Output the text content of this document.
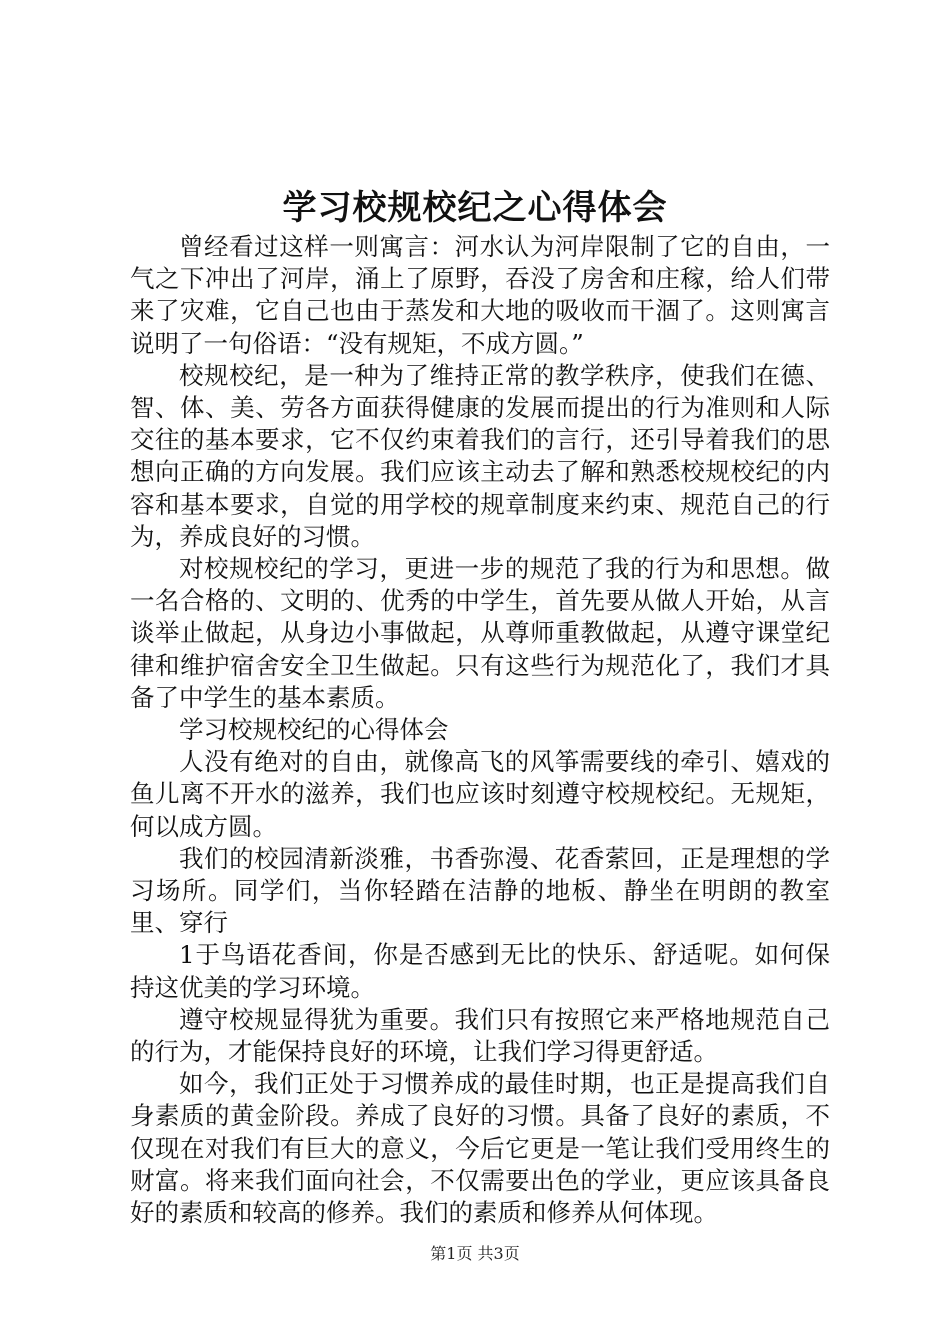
学习校规校纪之心得体会

曾经看过这样一则寓言：河水认为河岸限制了它的自由，一气之下冲出了河岸，涌上了原野，吞没了房舍和庄稼，给人们带来了灾难，它自己也由于蒸发和大地的吸收而干涸了。这则寓言说明了一句俗语：“没有规矩，不成方圆。”

校规校纪，是一种为了维持正常的教学秩序，使我们在德、智、体、美、劳各方面获得健康的发展而提出的行为准则和人际交往的基本要求，它不仅约束着我们的言行，还引导着我们的思想向正确的方向发展。我们应该主动去了解和熟悉校规校纪的内容和基本要求，自觉的用学校的规章制度来约束、规范自己的行为，养成良好的习惯。

对校规校纪的学习，更进一步的规范了我的行为和思想。做一名合格的、文明的、优秀的中学生，首先要从做人开始，从言谈举止做起，从身边小事做起，从尊师重教做起，从遵守课堂纪律和维护宿舍安全卫生做起。只有这些行为规范化了，我们才具备了中学生的基本素质。

学习校规校纪的心得体会

人没有绝对的自由，就像高飞的风筝需要线的牵引、嬉戏的鱼儿离不开水的滋养，我们也应该时刻遵守校规校纪。无规矩，何以成方圆。

我们的校园清新淡雅，书香弥漫、花香萦回，正是理想的学习场所。同学们，当你轻踏在洁静的地板、静坐在明朗的教室里、穿行

1于鸟语花香间，你是否感到无比的快乐、舒适呢。如何保持这优美的学习环境。

遵守校规显得犹为重要。我们只有按照它来严格地规范自己的行为，才能保持良好的环境，让我们学习得更舒适。

如今，我们正处于习惯养成的最佳时期，也正是提高我们自身素质的黄金阶段。养成了良好的习惯。具备了良好的素质，不仅现在对我们有巨大的意义，今后它更是一笔让我们受用终生的财富。将来我们面向社会，不仅需要出色的学业，更应该具备良好的素质和较高的修养。我们的素质和修养从何体现。

第1页 共3页
